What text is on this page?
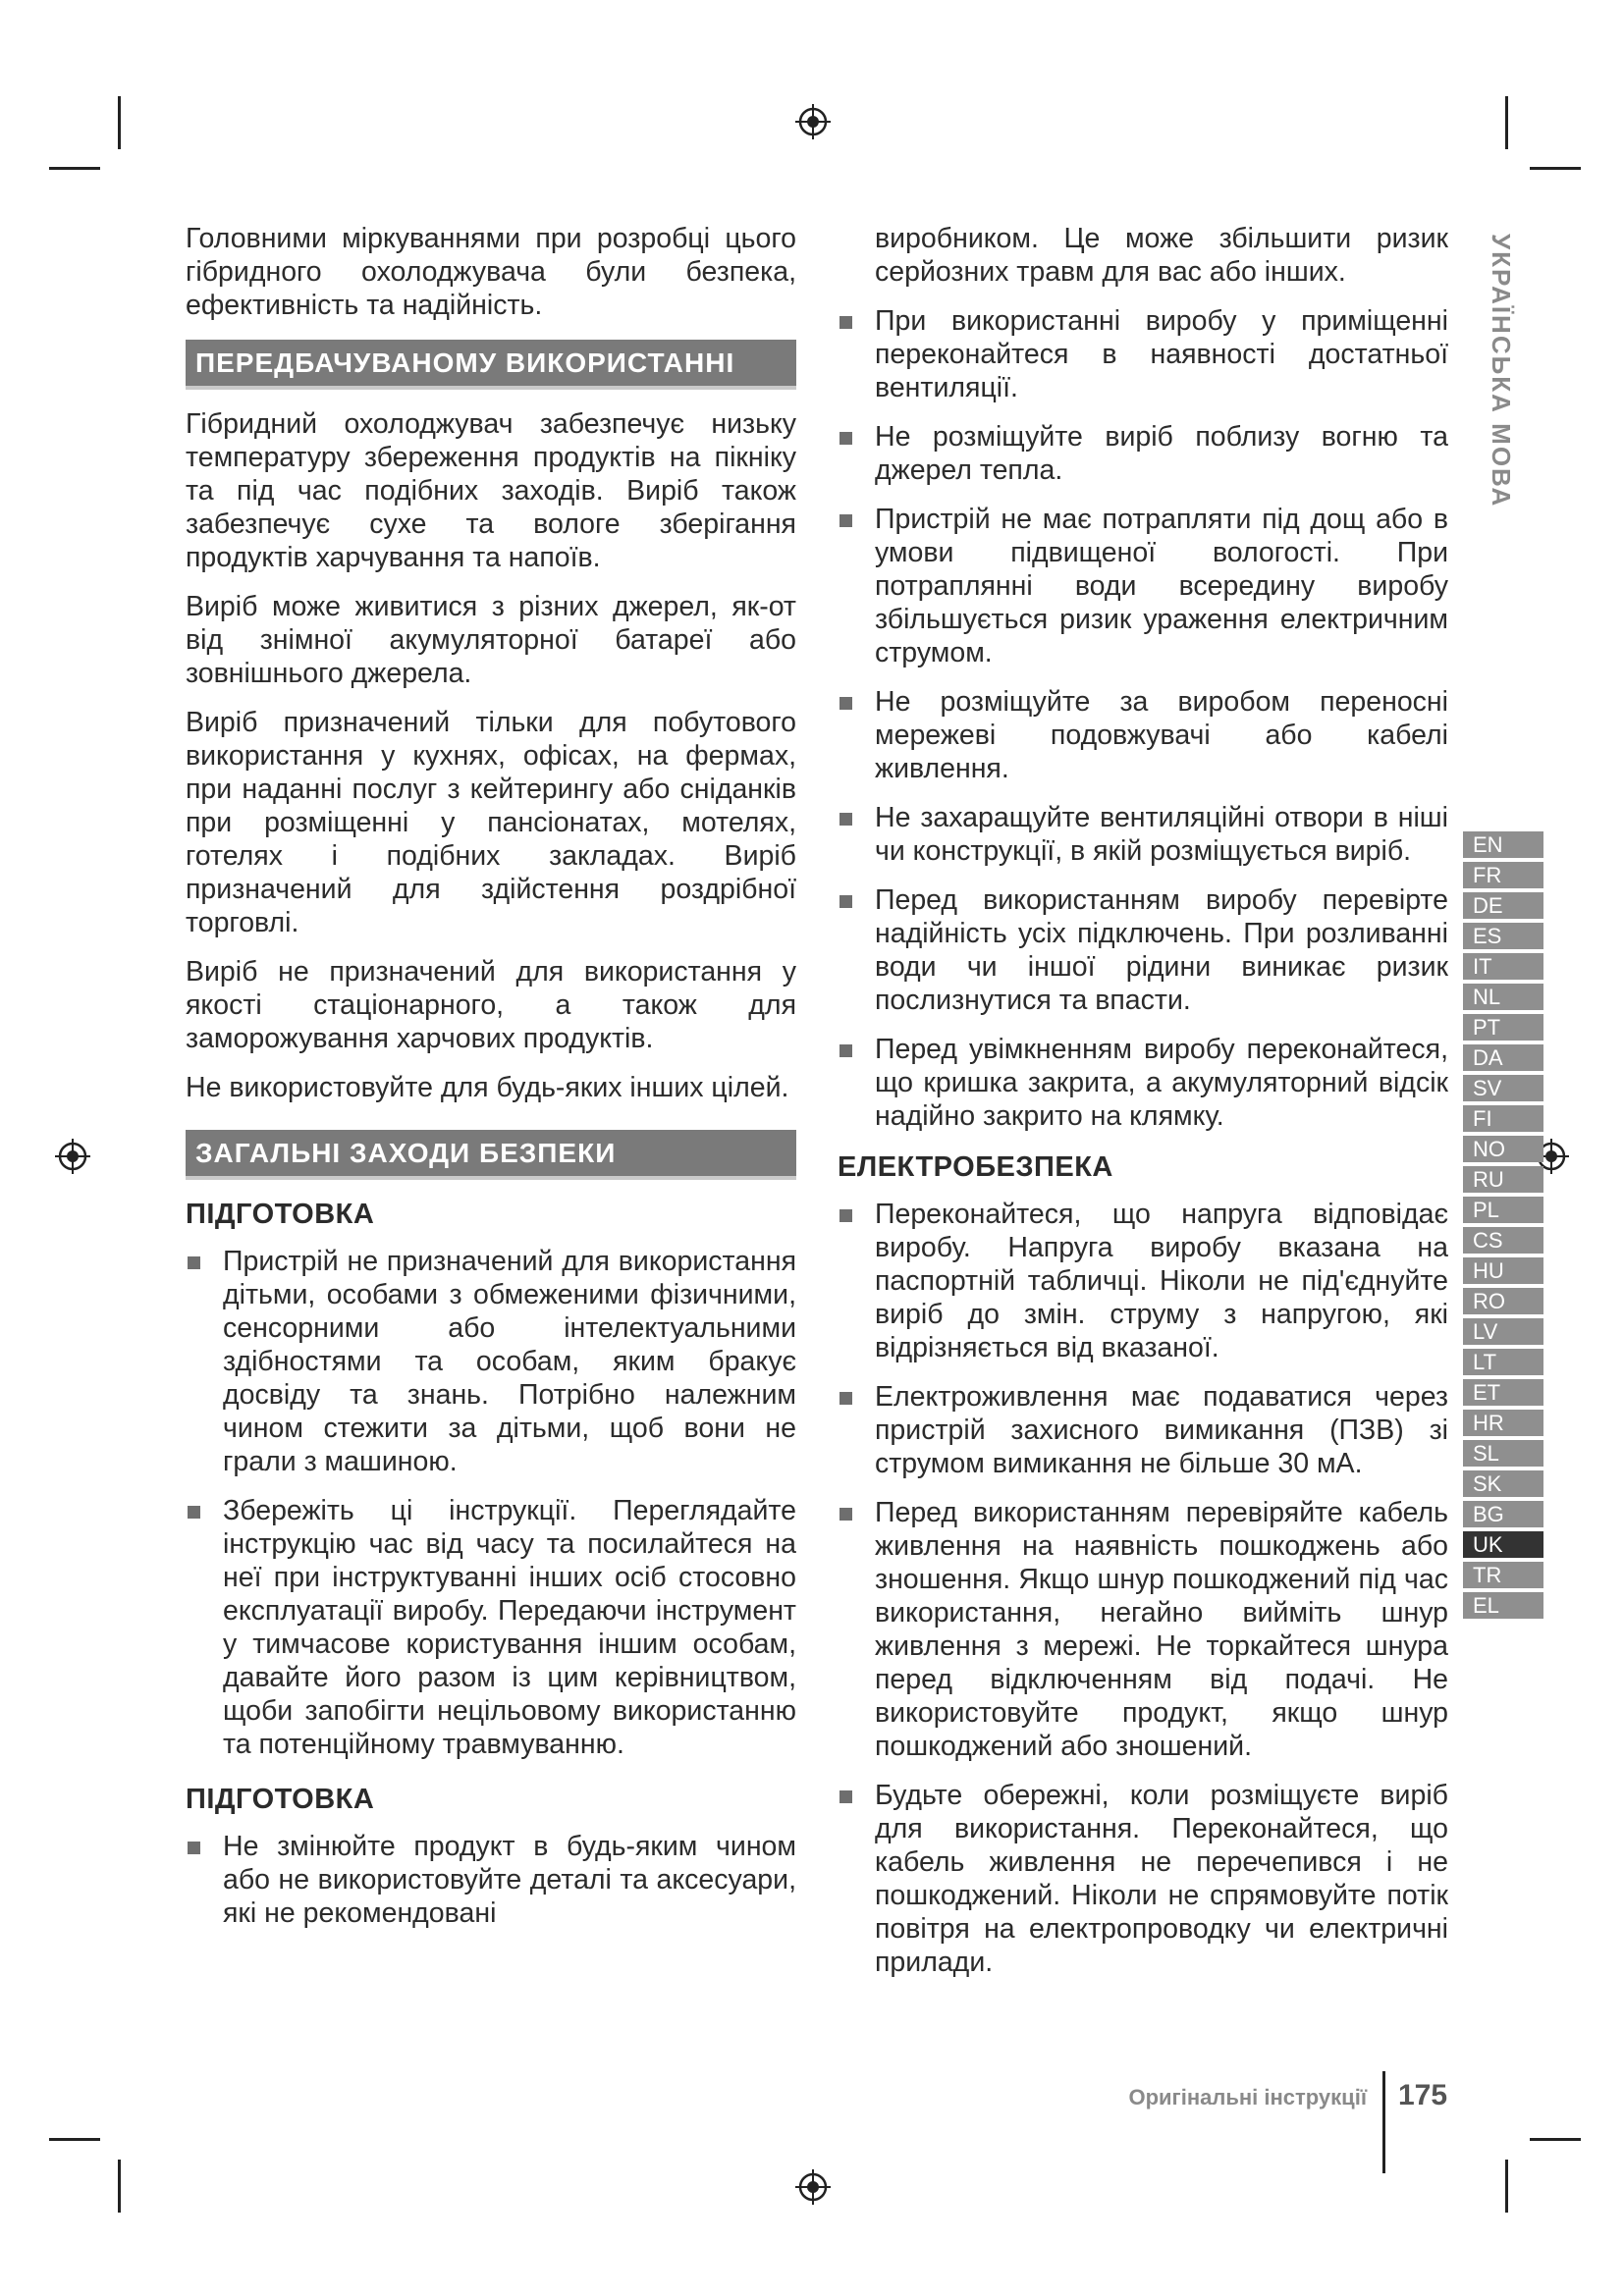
Головними міркуваннями при розробці цього гібридного охолоджувача були безпека, ефективність та надійність.

ПЕРЕДБАЧУВАНОМУ ВИКОРИСТАННІ

Гібридний охолоджувач забезпечує низьку температуру збереження продуктів на пікніку та під час подібних заходів. Виріб також забезпечує сухе та вологе зберігання продуктів харчування та напоїв.

Виріб може живитися з різних джерел, як-от від знімної акумуляторної батареї або зовнішнього джерела.

Виріб призначений тільки для побутового використання у кухнях, офісах, на фермах, при наданні послуг з кейтерингу або сніданків при розміщенні у пансіонатах, мотелях, готелях і подібних закладах. Виріб призначений для здійстення роздрібної торговлі.

Виріб не призначений для використання у якості стаціонарного, а також для заморожування харчових продуктів.

Не використовуйте для будь-яких інших цілей.

ЗАГАЛЬНІ ЗАХОДИ БЕЗПЕКИ
ПІДГОТОВКА
Пристрій не призначений для використання дітьми, особами з обмеженими фізичними, сенсорними або інтелектуальними здібностями та особам, яким бракує досвіду та знань. Потрібно належним чином стежити за дітьми, щоб вони не грали з машиною.
Збережіть ці інструкції. Переглядайте інструкцію час від часу та посилайтеся на неї при інструктуванні інших осіб стосовно експлуатації виробу. Передаючи інструмент у тимчасове користування іншим особам, давайте його разом із цим керівництвом, щоби запобігти нецільовому використанню та потенційному травмуванню.
ПІДГОТОВКА
Не змінюйте продукт в будь-яким чином або не використовуйте деталі та аксесуари, які не рекомендовані

виробником. Це може збільшити ризик серйозних травм для вас або інших.

При використанні виробу у приміщенні переконайтеся в наявності достатньої вентиляції.
Не розміщуйте виріб поблизу вогню та джерел тепла.
Пристрій не має потрапляти під дощ або в умови підвищеної вологості. При потраплянні води всередину виробу збільшується ризик ураження електричним струмом.
Не розміщуйте за виробом переносні мережеві подовжувачі або кабелі живлення.
Не захаращуйте вентиляційні отвори в ніші чи конструкції, в якій розміщується виріб.
Перед використанням виробу перевірте надійність усіх підключень. При розливанні води чи іншої рідини виникає ризик послизнутися та впасти.
Перед увімкненням виробу переконайтеся, що кришка закрита, а акумуляторний відсік надійно закрито на клямку.
ЕЛЕКТРОБЕЗПЕКА
Переконайтеся, що напруга відповідає виробу. Напруга виробу вказана на паспортній табличці. Ніколи не під'єднуйте виріб до змін. струму з напругою, які відрізняється від вказаної.
Електроживлення має подаватися через пристрій захисного вимикання (ПЗВ) зі струмом вимикання не більше 30 мА.
Перед використанням перевіряйте кабель живлення на наявність пошкоджень або зношення. Якщо шнур пошкоджений під час використання, негайно вийміть шнур живлення з мережі. Не торкайтеся шнура перед відключенням від подачі. Не використовуйте продукт, якщо шнур пошкоджений або зношений.
Будьте обережні, коли розміщуєте виріб для використання. Переконайтеся, що кабель живлення не перечепився і не пошкоджений. Ніколи не спрямовуйте потік повітря на електропроводку чи електричні прилади.
УКРАЇНСЬКА МОВА
EN
FR
DE
ES
IT
NL
PT
DA
SV
FI
NO
RU
PL
CS
HU
RO
LV
LT
ET
HR
SL
SK
BG
UK
TR
EL
Оригінальні інструкції 175
